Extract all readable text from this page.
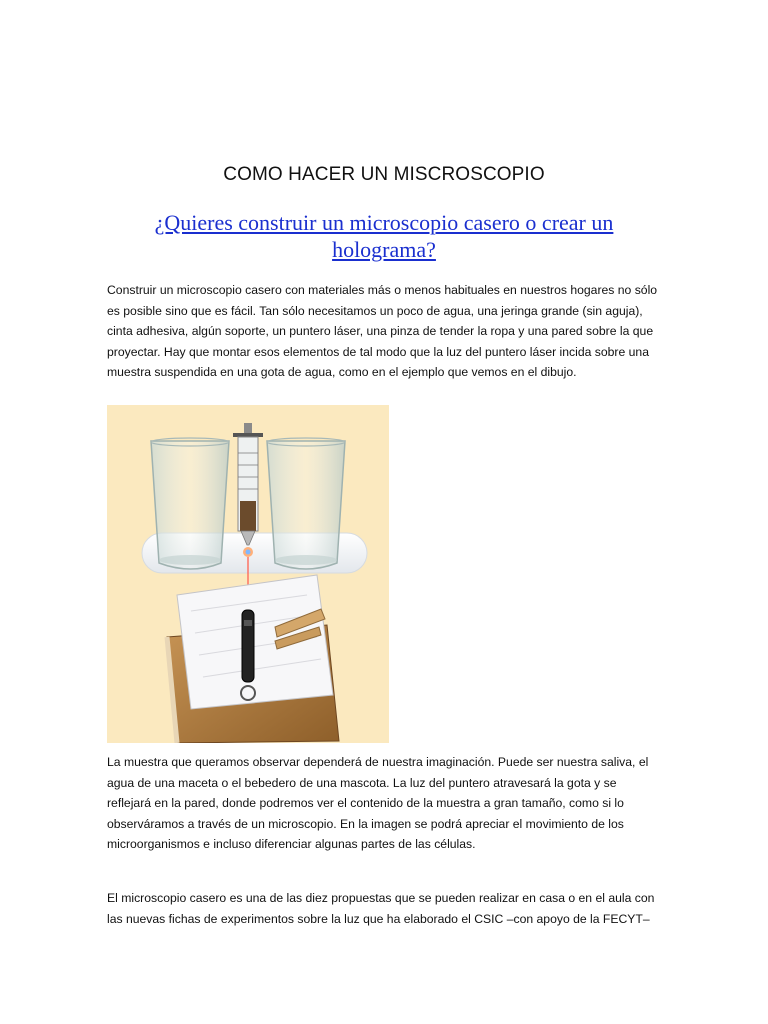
COMO HACER UN MISCROSCOPIO
¿Quieres construir un microscopio casero o crear un holograma?
Construir un microscopio casero con materiales más o menos habituales en nuestros hogares no sólo es posible sino que es fácil. Tan sólo necesitamos un poco de agua, una jeringa grande (sin aguja), cinta adhesiva, algún soporte, un puntero láser, una pinza de tender la ropa y una pared sobre la que proyectar. Hay que montar esos elementos de tal modo que la luz del puntero láser incida sobre una muestra suspendida en una gota de agua, como en el ejemplo que vemos en el dibujo.
La muestra que queramos observar dependerá de nuestra imaginación. Puede ser nuestra saliva, el agua de una maceta o el bebedero de una mascota. La luz del puntero atravesará la gota y se reflejará en la pared, donde podremos ver el contenido de la muestra a gran tamaño, como si lo observáramos a través de un microscopio. En la imagen se podrá apreciar el movimiento de los microorganismos e incluso diferenciar algunas partes de las células.
El microscopio casero es una de las diez propuestas que se pueden realizar en casa o en el aula con las nuevas fichas de experimentos sobre la luz que ha elaborado el CSIC –con apoyo de la FECYT–
